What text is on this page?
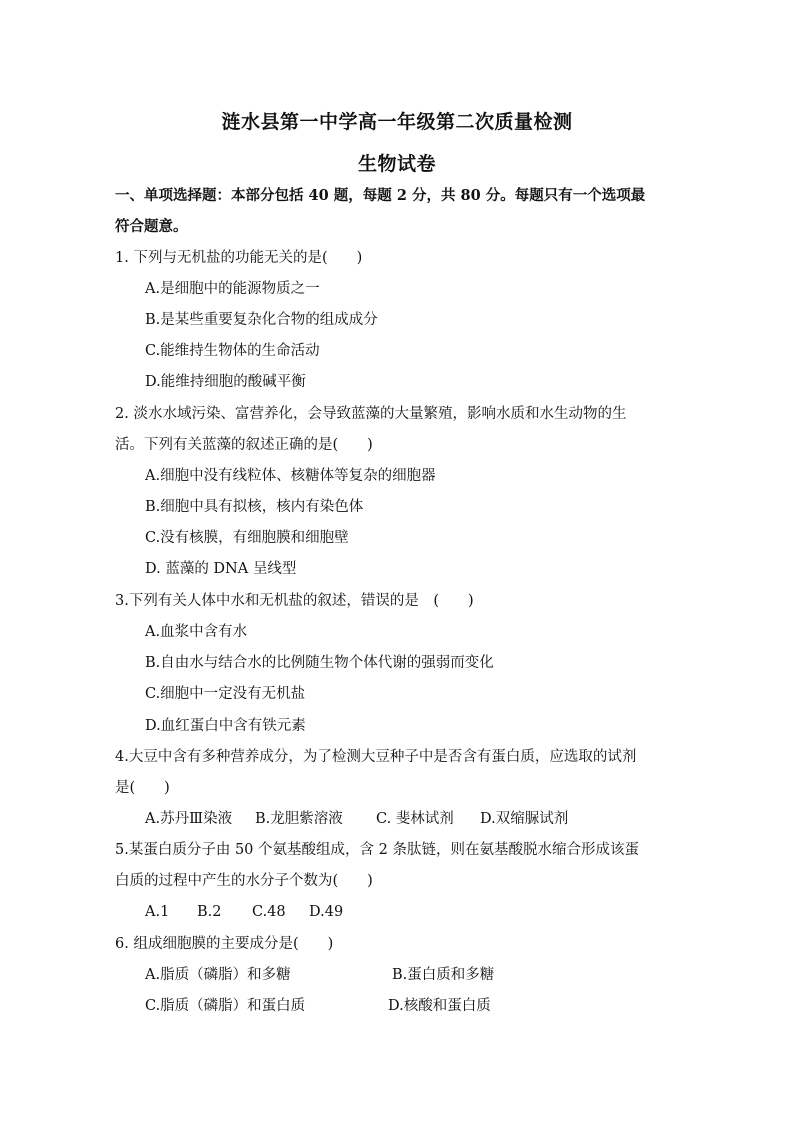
涟水县第一中学高一年级第二次质量检测
生物试卷
一、单项选择题：本部分包括 40 题，每题 2 分，共 80 分。每题只有一个选项最
符合题意。
1. 下列与无机盐的功能无关的是(　　)
A.是细胞中的能源物质之一
B.是某些重要复杂化合物的组成成分
C.能维持生物体的生命活动
D.能维持细胞的酸碱平衡
2. 淡水水域污染、富营养化，会导致蓝藻的大量繁殖，影响水质和水生动物的生
活。下列有关蓝藻的叙述正确的是(　　)
A.细胞中没有线粒体、核糖体等复杂的细胞器
B.细胞中具有拟核，核内有染色体
C.没有核膜，有细胞膜和细胞壁
D. 蓝藻的 DNA 呈线型
3.下列有关人体中水和无机盐的叙述，错误的是　(　　)
A.血浆中含有水
B.自由水与结合水的比例随生物个体代谢的强弱而变化
C.细胞中一定没有无机盐
D.血红蛋白中含有铁元素
4.大豆中含有多种营养成分，为了检测大豆种子中是否含有蛋白质，应选取的试剂
是(　　)
A.苏丹Ⅲ染液 B.龙胆紫溶液 C. 斐林试剂 D.双缩脲试剂
5.某蛋白质分子由 50 个氨基酸组成，含 2 条肽链，则在氨基酸脱水缩合形成该蛋
白质的过程中产生的水分子个数为(　　)
A.1 B.2 C.48 D.49
6. 组成细胞膜的主要成分是(　　)
A.脂质（磷脂）和多糖	B.蛋白质和多糖
C.脂质（磷脂）和蛋白质	D.核酸和蛋白质
